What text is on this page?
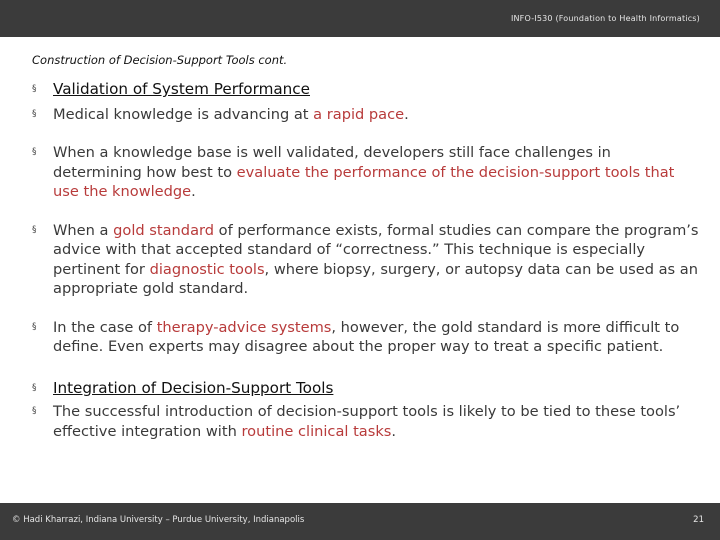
INFO-I530 (Foundation to Health Informatics)
Construction of Decision-Support Tools cont.
§ Validation of System Performance
§ Medical knowledge is advancing at a rapid pace.
§ When a knowledge base is well validated, developers still face challenges in determining how best to evaluate the performance of the decision-support tools that use the knowledge.
§ When a gold standard of performance exists, formal studies can compare the program’s advice with that accepted standard of “correctness.” This technique is especially pertinent for diagnostic tools, where biopsy, surgery, or autopsy data can be used as an appropriate gold standard.
§ In the case of therapy-advice systems, however, the gold standard is more difficult to define. Even experts may disagree about the proper way to treat a specific patient.
§ Integration of Decision-Support Tools
§ The successful introduction of decision-support tools is likely to be tied to these tools’ effective integration with routine clinical tasks.
© Hadi Kharrazi, Indiana University – Purdue University, Indianapolis	21
